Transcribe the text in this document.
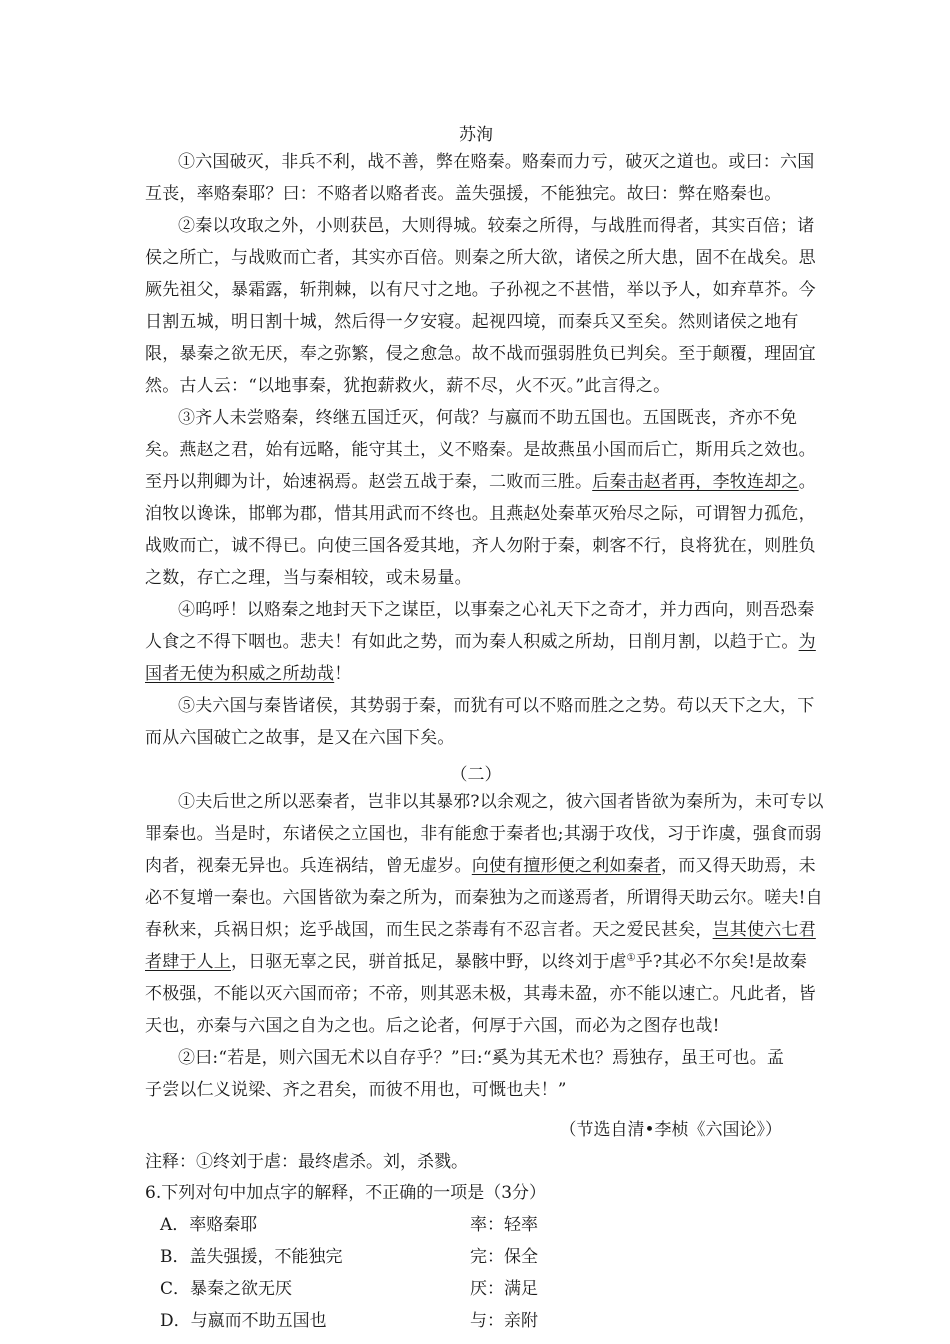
苏洵
①六国破灭，非兵不利，战不善，弊在赂秦。赂秦而力亏，破灭之道也。或曰：六国
互丧，率赂秦耶？曰：不赂者以赂者丧。盖失强援，不能独完。故曰：弊在赂秦也。
②秦以攻取之外，小则获邑，大则得城。较秦之所得，与战胜而得者，其实百倍；诸
侯之所亡，与战败而亡者，其实亦百倍。则秦之所大欲，诸侯之所大患，固不在战矣。思
厥先祖父，暴霜露，斩荆棘，以有尺寸之地。子孙视之不甚惜，举以予人，如弃草芥。今
日割五城，明日割十城，然后得一夕安寝。起视四境，而秦兵又至矣。然则诸侯之地有
限，暴秦之欲无厌，奉之弥繁，侵之愈急。故不战而强弱胜负已判矣。至于颠覆，理固宜
然。古人云：“以地事秦，犹抱薪救火，薪不尽，火不灭。”此言得之。
③齐人未尝赂秦，终继五国迁灭，何哉？与嬴而不助五国也。五国既丧，齐亦不免
矣。燕赵之君，始有远略，能守其土，义不赂秦。是故燕虽小国而后亡，斯用兵之效也。
至丹以荆卿为计，始速祸焉。赵尝五战于秦，二败而三胜。后秦击赵者再，李牧连却之。
洎牧以谗诛，邯郸为郡，惜其用武而不终也。且燕赵处秦革灭殆尽之际，可谓智力孤危，
战败而亡，诚不得已。向使三国各爱其地，齐人勿附于秦，刺客不行，良将犹在，则胜负
之数，存亡之理，当与秦相较，或未易量。
④呜呼！以赂秦之地封天下之谋臣，以事秦之心礼天下之奇才，并力西向，则吾恐秦
人食之不得下咽也。悲夫！有如此之势，而为秦人积威之所劫，日削月割，以趋于亡。为
国者无使为积威之所劫哉！
⑤夫六国与秦皆诸侯，其势弱于秦，而犹有可以不赂而胜之之势。苟以天下之大，下
而从六国破亡之故事，是又在六国下矣。
（二）
①夫后世之所以恶秦者，岂非以其暴邪?以余观之，彼六国者皆欲为秦所为，未可专以
罪秦也。当是时，东诸侯之立国也，非有能愈于秦者也;其溺于攻伐，习于诈虞，强食而弱
肉者，视秦无异也。兵连祸结，曾无虚岁。向使有擅形便之利如秦者，而又得天助焉，未
必不复增一秦也。六国皆欲为秦之所为，而秦独为之而遂焉者，所谓得天助云尔。嗟夫!自
春秋来，兵祸日炽；迄乎战国，而生民之荼毒有不忍言者。天之爱民甚矣，岂其使六七君
者肆于人上，日驱无辜之民，骈首抵足，暴骸中野，以终刘于虐①乎?其必不尔矣!是故秦
不极强，不能以灭六国而帝；不帝，则其恶未极，其毒未盈，亦不能以速亡。凡此者，皆
天也，亦秦与六国之自为之也。后之论者，何厚于六国，而必为之图存也哉!
②曰:“若是，则六国无术以自存乎？”曰:“奚为其无术也？焉独存，虽王可也。孟
子尝以仁义说梁、齐之君矣，而彼不用也，可慨也夫！”
（节选自清•李桢《六国论》）
注释：①终刘于虐：最终虐杀。刘，杀戮。
6.下列对句中加点字的解释，不正确的一项是（3分）
A．率赂秦耶	率：轻率
B．盖失强援，不能独完	完：保全
C．暴秦之欲无厌	厌：满足
D．与嬴而不助五国也	与：亲附
